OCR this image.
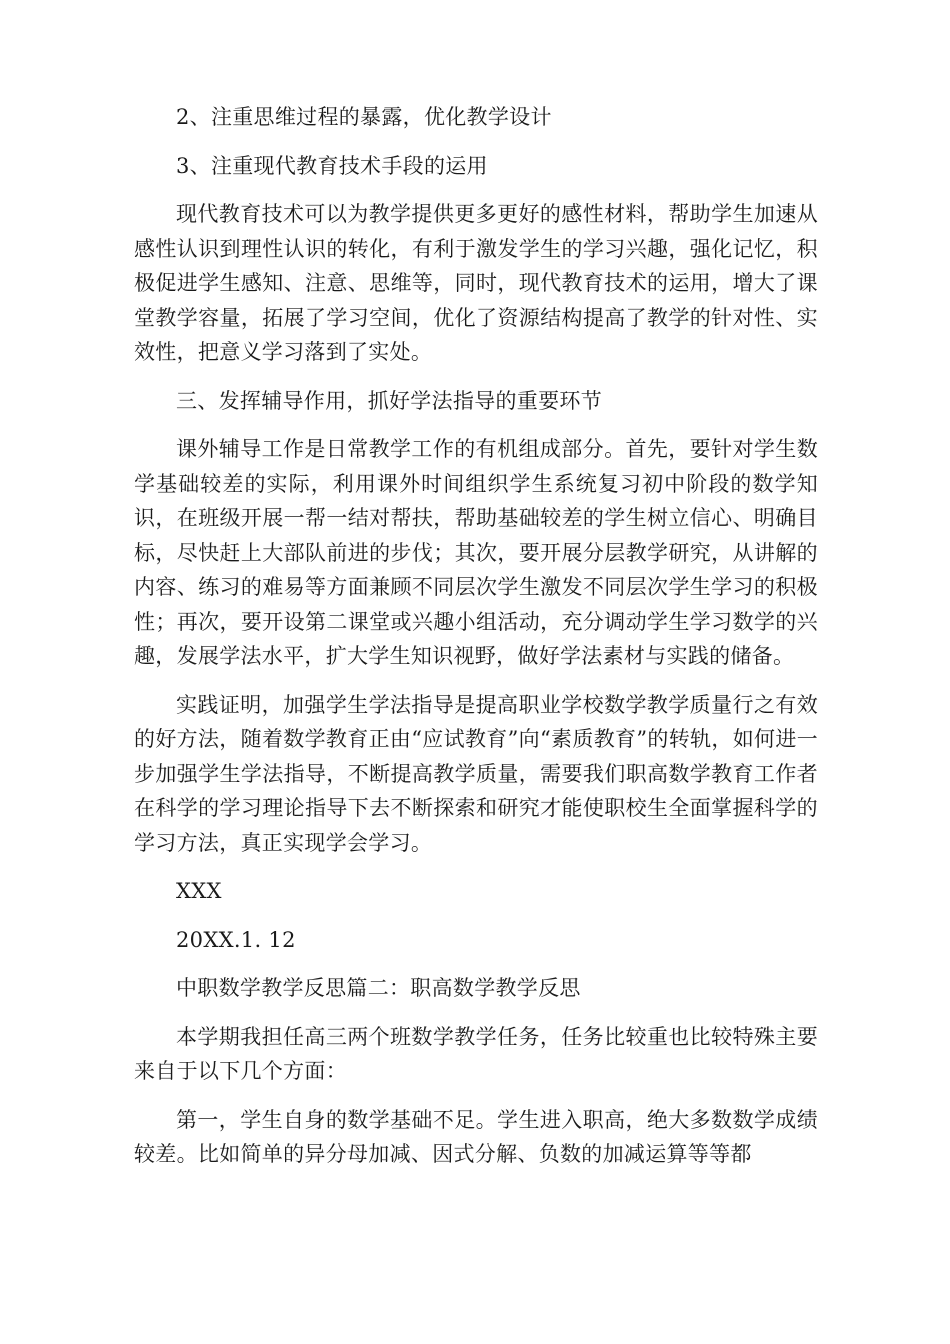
2、注重思维过程的暴露，优化教学设计

3、注重现代教育技术手段的运用

现代教育技术可以为教学提供更多更好的感性材料，帮助学生加速从感性认识到理性认识的转化，有利于激发学生的学习兴趣，强化记忆，积极促进学生感知、注意、思维等，同时，现代教育技术的运用，增大了课堂教学容量，拓展了学习空间，优化了资源结构提高了教学的针对性、实效性，把意义学习落到了实处。

三、发挥辅导作用，抓好学法指导的重要环节

课外辅导工作是日常教学工作的有机组成部分。首先，要针对学生数学基础较差的实际，利用课外时间组织学生系统复习初中阶段的数学知识，在班级开展一帮一结对帮扶，帮助基础较差的学生树立信心、明确目标，尽快赶上大部队前进的步伐；其次，要开展分层教学研究，从讲解的内容、练习的难易等方面兼顾不同层次学生激发不同层次学生学习的积极性；再次，要开设第二课堂或兴趣小组活动，充分调动学生学习数学的兴趣，发展学法水平，扩大学生知识视野，做好学法素材与实践的储备。

实践证明，加强学生学法指导是提高职业学校数学教学质量行之有效的好方法，随着数学教育正由“应试教育”向“素质教育”的转轨，如何进一步加强学生学法指导，不断提高教学质量，需要我们职高数学教育工作者在科学的学习理论指导下去不断探索和研究才能使职校生全面掌握科学的学习方法，真正实现学会学习。

XXX

20XX.1. 12

中职数学教学反思篇二：职高数学教学反思

本学期我担任高三两个班数学教学任务，任务比较重也比较特殊主要来自于以下几个方面：

第一，学生自身的数学基础不足。学生进入职高，绝大多数数学成绩较差。比如简单的异分母加减、因式分解、负数的加减运算等等都
